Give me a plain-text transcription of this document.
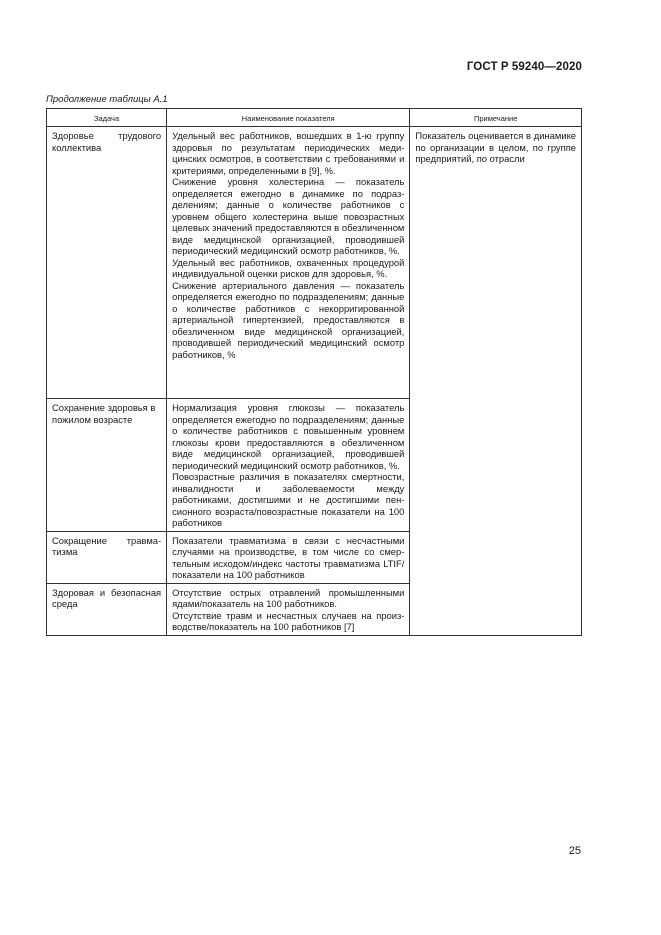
ГОСТ Р 59240—2020
Продолжение таблицы А.1
Задача	Наименование показателя	Примечание
Здоровье трудового коллектива	Удельный вес работников, вошедших в 1-ю группу здоровья по результатам периодических медицинских осмотров, в соответствии с требованиями и критериями, определенными в [9], %.

Снижение уровня холестерина — показатель определяется ежегодно в динамике по подразделениям; данные о количестве работников с уровнем общего холестерина выше повозрастных целевых значений предоставляются в обезличенном виде медицинской организацией, проводившей периодический медицинский осмотр работников, %.

Удельный вес работников, охваченных процедурой индивидуальной оценки рисков для здоровья, %.

Снижение артериального давления — показатель определяется ежегодно по подразделениям; данные о количестве работников с некорригированной артериальной гипертензией, предоставляются в обезличенном виде медицинской организацией, проводившей периодический медицинский осмотр работников, %	Показатель оценивается в динамике по организации в целом, по группе предприятий, по отрасли
Сохранение здоровья в пожилом возрасте	Нормализация уровня глюкозы — показатель определяется ежегодно по подразделениям; данные о количестве работников с повышенным уровнем глюкозы крови предоставляются в обезличенном виде медицинской организацией, проводившей периодический медицинский осмотр работников, %.

Повозрастные различия в показателях смертности, инвалидности и заболеваемости между работниками, достигшими и не достигшими пенсионного возраста/повозрастные показатели на 100 работников	

Сокращение травматизма	Показатели травматизма в связи с несчастными случаями на производстве, в том числе со смертельным исходом/индекс частоты травматизма LTIF/показатели на 100 работников	

Здоровая и безопасная среда	Отсутствие острых отравлений промышленными ядами/показатель на 100 работников.

Отсутствие травм и несчастных случаев на производстве/показатель на 100 работников [7]	

25
